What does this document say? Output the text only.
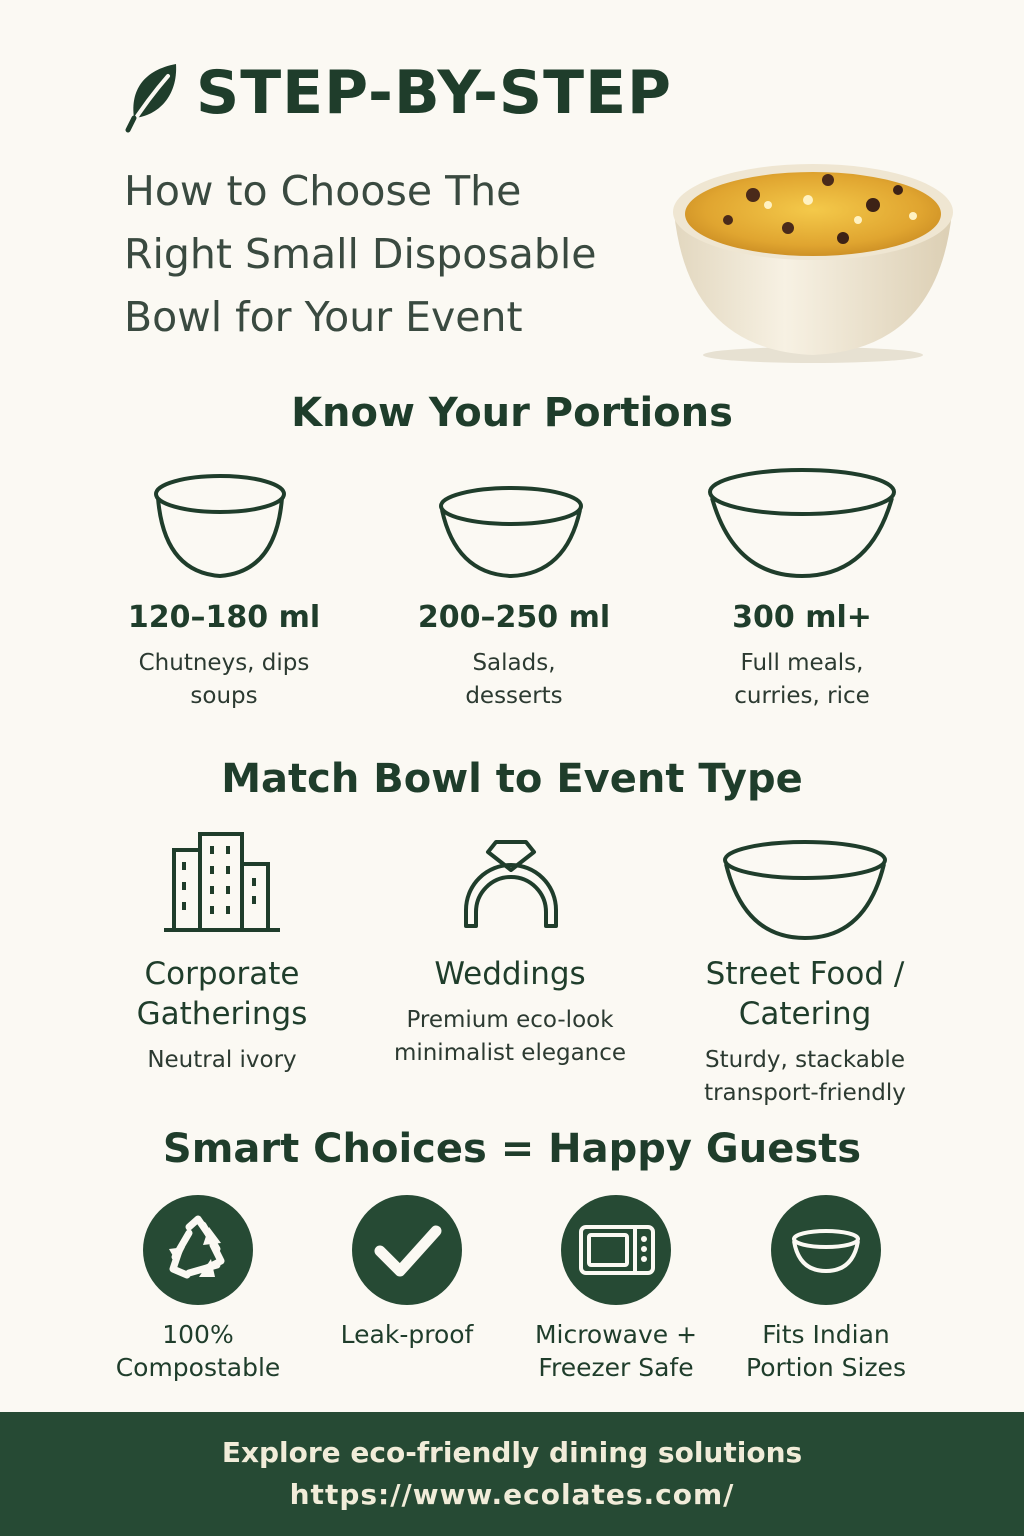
STEP-BY-STEP
How to Choose The
Right Small Disposable
Bowl for Your Event
Know Your Portions
120–180 ml
Chutneys, dips
soups
200–250 ml
Salads,
desserts
300 ml+
Full meals,
curries, rice
Match Bowl to Event Type
Corporate
Gatherings
Neutral ivory
Weddings
Premium eco-look
minimalist elegance
Street Food /
Catering
Sturdy, stackable
transport-friendly
Smart Choices = Happy Guests
100%
Compostable
Leak-proof	Microwave +
Freezer Safe
Fits Indian
Portion Sizes
Explore eco-friendly dining solutions
https://www.ecolates.com/
